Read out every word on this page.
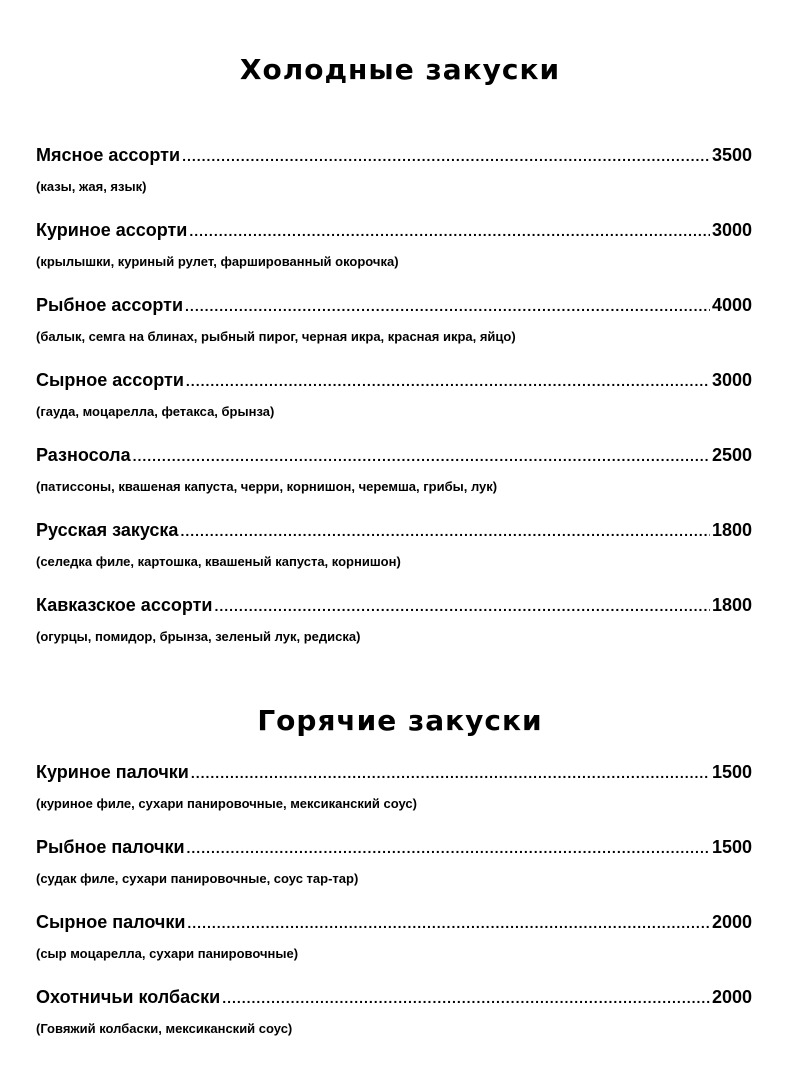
Холодные закуски
Мясное ассорти .....	3500
(казы, жая, язык)
Куриное ассорти .....	3000
(крылышки, куриный рулет, фаршированный окорочка)
Рыбное ассорти .....	4000
(балык, семга на блинах, рыбный пирог, черная икра, красная икра, яйцо)
Сырное ассорти .....	3000
(гауда, моцарелла, фетакса, брынза)
Разносола .....	2500
(патиссоны, квашеная капуста, черри, корнишон, черемша, грибы, лук)
Русская закуска .....	1800
(селедка филе, картошка, квашеный капуста, корнишон)
Кавказское ассорти .....	1800
(огурцы, помидор, брынза, зеленый лук, редиска)
Горячие закуски
Куриное палочки .....	1500
(куриное филе, сухари панировочные, мексиканский соус)
Рыбное палочки .....	1500
(судак филе, сухари панировочные, соус тар-тар)
Сырное палочки .....	2000
(сыр моцарелла, сухари панировочные)
Охотничьи колбаски .....	2000
(Говяжий колбаски, мексиканский соус)
